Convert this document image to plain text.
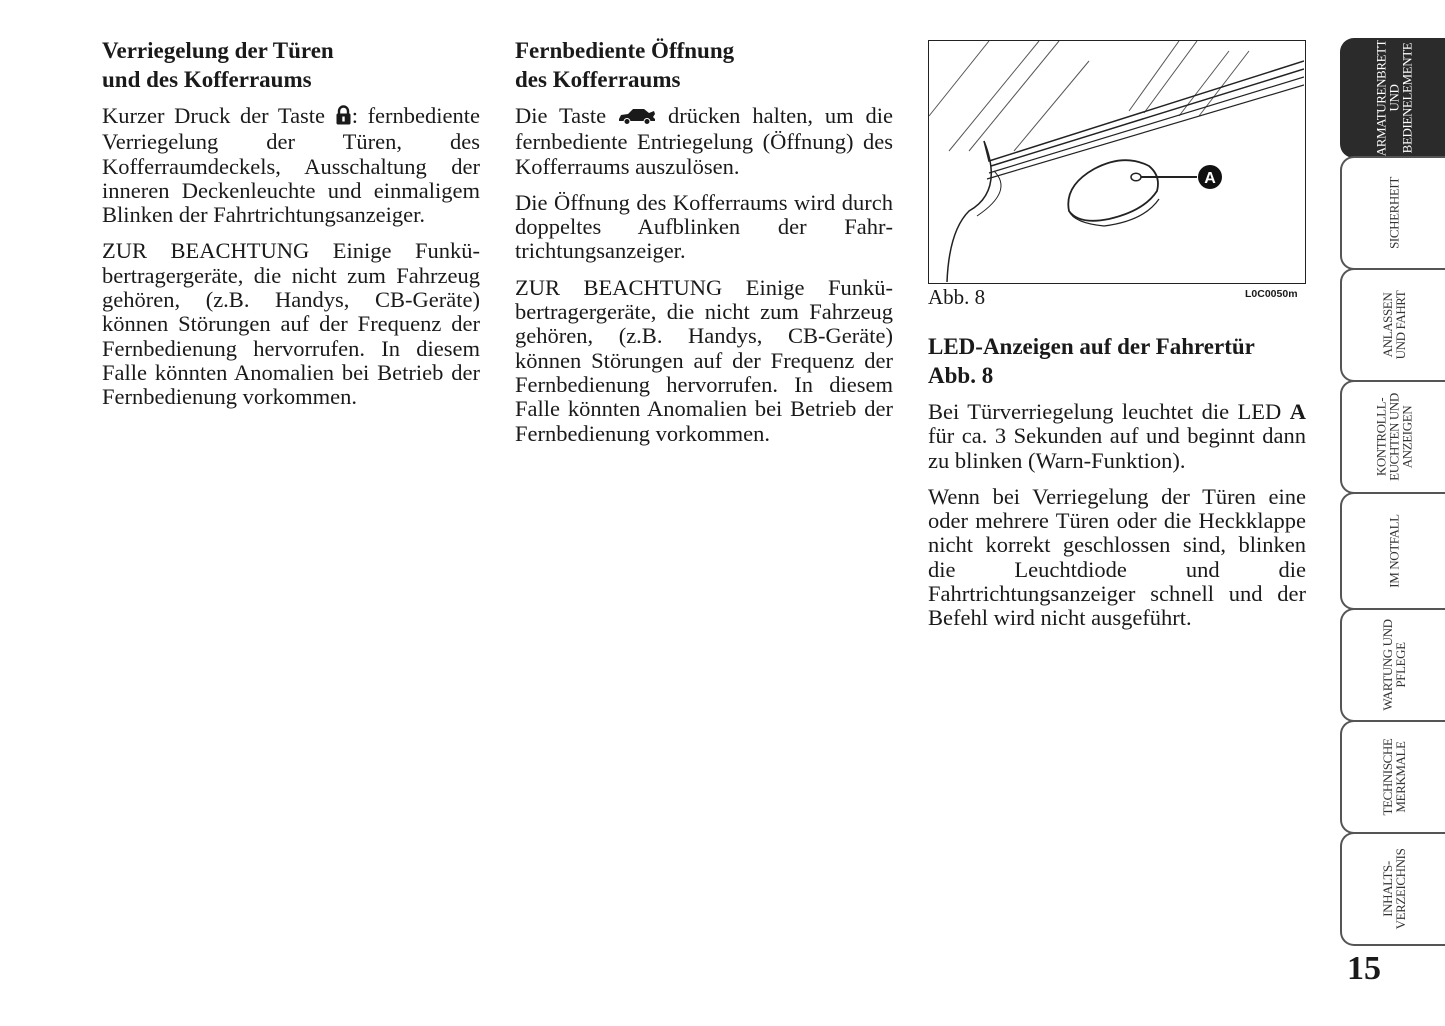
Verriegelung der Türen
und des Kofferraums

Kurzer Druck der Taste : fernbediente Verriegelung der Türen, des Kofferraumdeckels, Ausschaltung der inneren Deckenleuchte und einmaligem Blinken der Fahrtrichtungsanzeiger.

ZUR BEACHTUNG Einige Funkübertragergeräte, die nicht zum Fahrzeug gehören, (z.B. Handys, CB-Geräte) können Störungen auf der Frequenz der Fernbedienung hervorrufen. In diesem Falle könnten Anomalien bei Betrieb der Fernbedienung vorkommen.

Fernbediente Öffnung
des Kofferraums

Die Taste  drücken halten, um die fernbediente Entriegelung (Öffnung) des Kofferraums auszulösen.

Die Öffnung des Kofferraums wird durch doppeltes Aufblinken der Fahrtrichtungsanzeiger.

ZUR BEACHTUNG Einige Funkübertragergeräte, die nicht zum Fahrzeug gehören, (z.B. Handys, CB-Geräte) können Störungen auf der Frequenz der Fernbedienung hervorrufen. In diesem Falle könnten Anomalien bei Betrieb der Fernbedienung vorkommen.

A
Abb. 8	L0C0050m
LED-Anzeigen auf der Fahrertür
Abb. 8

Bei Türverriegelung leuchtet die LED A für ca. 3 Sekunden auf und beginnt dann zu blinken (Warn-Funktion).

Wenn bei Verriegelung der Türen eine oder mehrere Türen oder die Heckklappe nicht korrekt geschlossen sind, blinken die Leuchtdiode und die Fahrtrichtungsanzeiger schnell und der Befehl wird nicht ausgeführt.

ARMATURENBRETT
UND
BEDIENELEMENTE
SICHERHEIT
ANLASSEN
UND FAHRT
KONTROLLL-
EUCHTEN UND
ANZEIGEN
IM NOTFALL
WARTUNG UND
PFLEGE
TECHNISCHE
MERKMALE
INHALTS-
VERZEICHNIS
15
